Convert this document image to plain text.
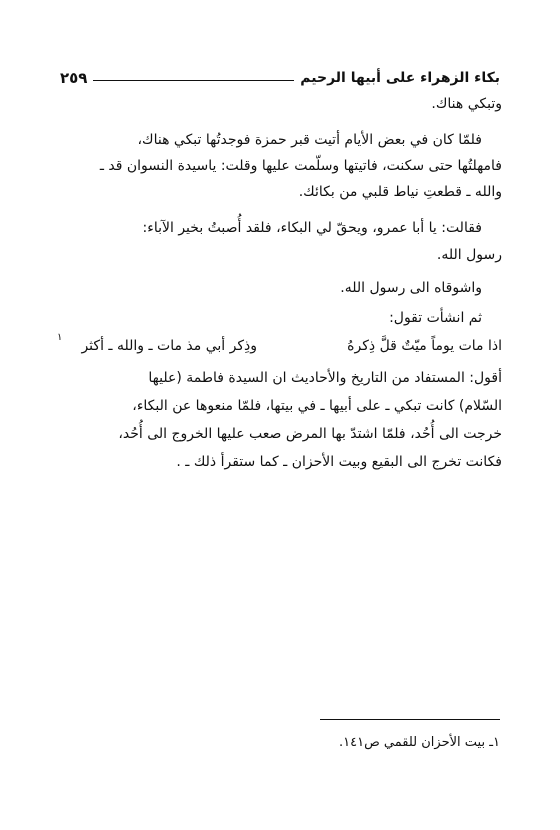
بكاء الزهراء على أبيها الرحيم
٢٥٩
وتبكي هناك.
فلمّا كان في بعض الأيام أتيت قبر حمزة فوجدتُها تبكي هناك،
فامهلتُها حتى سكنت، فاتيتها وسلّمت عليها وقلت: ياسيدة النسوان قد ـ
والله ـ قطعتِ نياط قلبي من بكائك.
فقالت: يا أبا عمرو، ويحقّ لي البكاء، فلقد أُصبتُ بخير الآباء:
رسول الله.
واشوقاه الى رسول الله.
ثم انشأت تقول:
اذا مات يوماً ميّتٌ قلَّ ذِكرهُ
وذِكر أبي مذ مات ـ والله ـ أكثر
١
أقول: المستفاد من التاريخ والأحاديث ان السيدة فاطمة (عليها
السّلام) كانت تبكي ـ على أبيها ـ في بيتها، فلمّا منعوها عن البكاء،
خرجت الى أُحُد، فلمّا اشتدّ بها المرض صعب عليها الخروج الى أُحُد،
فكانت تخرج الى البقيع وبيت الأحزان ـ كما ستقرأ ذلك ـ .
١ـ بيت الأحزان للقمي ص١٤١.
